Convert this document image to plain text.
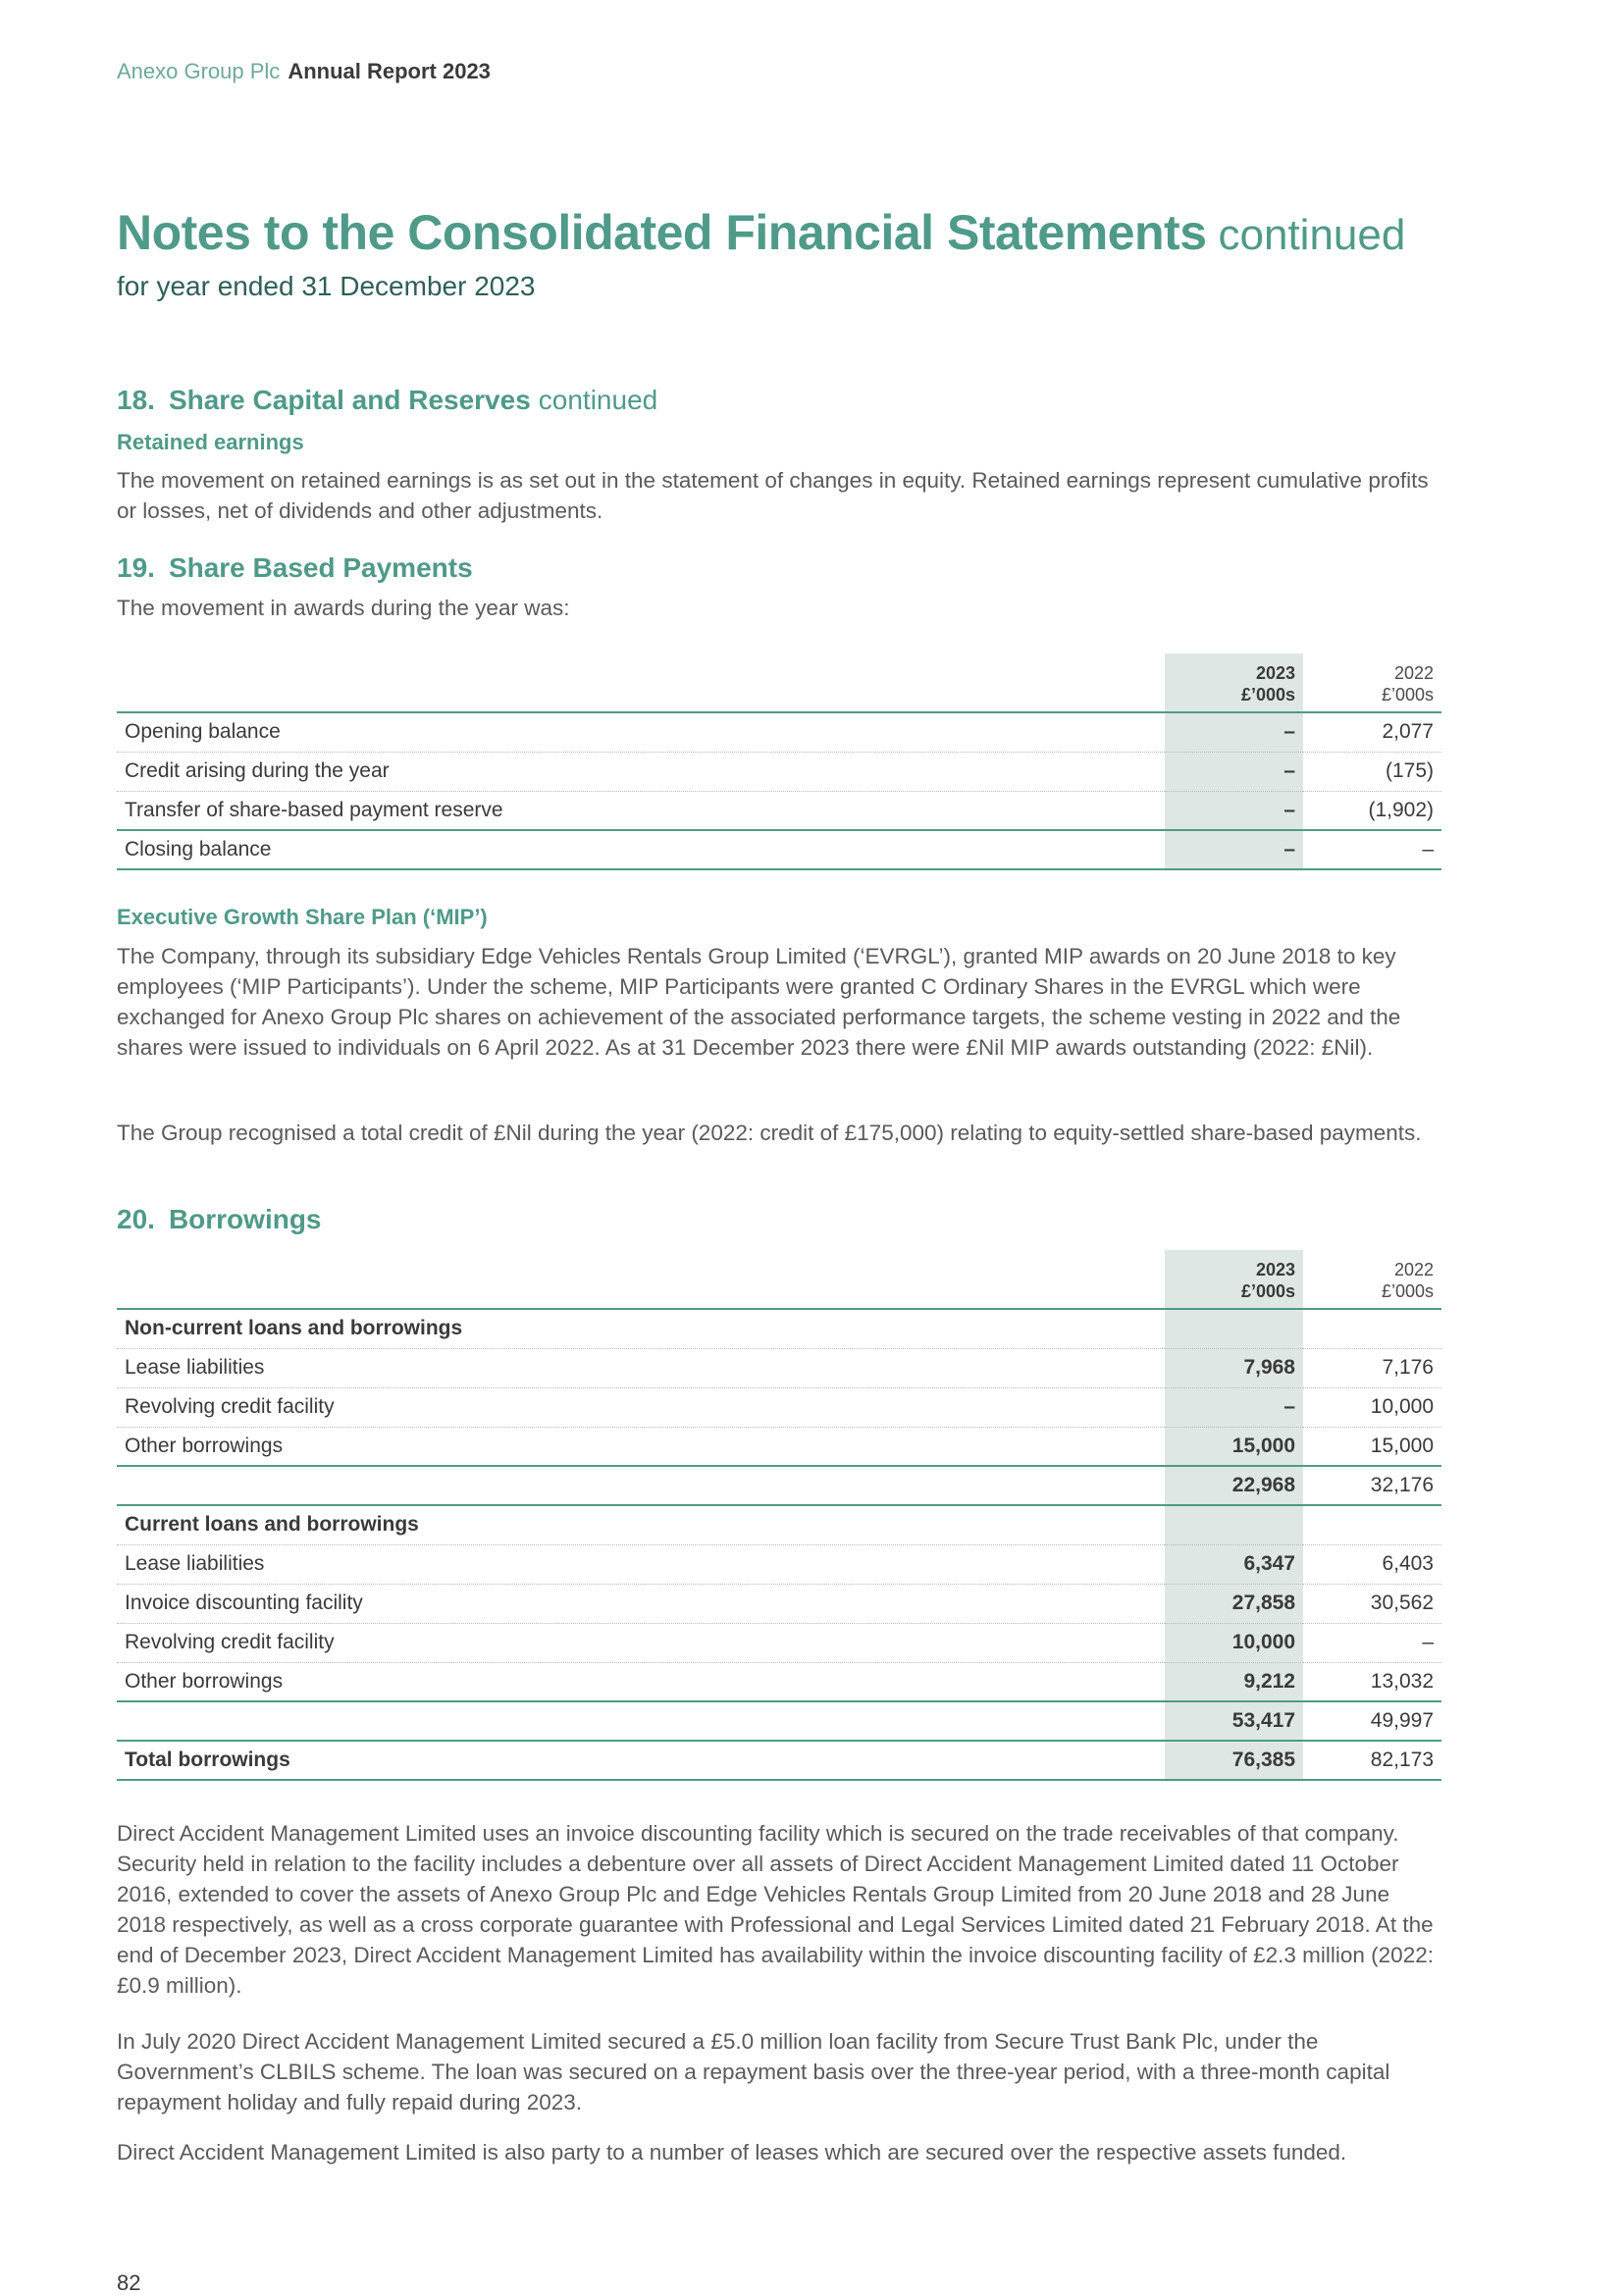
Anexo Group Plc Annual Report 2023
Notes to the Consolidated Financial Statements continued
for year ended 31 December 2023
18. Share Capital and Reserves continued
Retained earnings

The movement on retained earnings is as set out in the statement of changes in equity. Retained earnings represent cumulative profits or losses, net of dividends and other adjustments.

19. Share Based Payments

The movement in awards during the year was:

	2023
£’000s	2022
£’000s
Opening balance	–	2,077
Credit arising during the year	–	(175)
Transfer of share-based payment reserve	–	(1,902)
Closing balance	–	–
Executive Growth Share Plan (‘MIP’)

The Company, through its subsidiary Edge Vehicles Rentals Group Limited (‘EVRGL’), granted MIP awards on 20 June 2018 to key employees (‘MIP Participants’). Under the scheme, MIP Participants were granted C Ordinary Shares in the EVRGL which were exchanged for Anexo Group Plc shares on achievement of the associated performance targets, the scheme vesting in 2022 and the shares were issued to individuals on 6 April 2022. As at 31 December 2023 there were £Nil MIP awards outstanding (2022: £Nil).

The Group recognised a total credit of £Nil during the year (2022: credit of £175,000) relating to equity-settled share-based payments.

20. Borrowings
	2023
£’000s	2022
£’000s
Non-current loans and borrowings		
Lease liabilities	7,968	7,176
Revolving credit facility	–	10,000
Other borrowings	15,000	15,000
	22,968	32,176
Current loans and borrowings		
Lease liabilities	6,347	6,403
Invoice discounting facility	27,858	30,562
Revolving credit facility	10,000	–
Other borrowings	9,212	13,032
	53,417	49,997
Total borrowings	76,385	82,173

Direct Accident Management Limited uses an invoice discounting facility which is secured on the trade receivables of that company. Security held in relation to the facility includes a debenture over all assets of Direct Accident Management Limited dated 11 October 2016, extended to cover the assets of Anexo Group Plc and Edge Vehicles Rentals Group Limited from 20 June 2018 and 28 June 2018 respectively, as well as a cross corporate guarantee with Professional and Legal Services Limited dated 21 February 2018. At the end of December 2023, Direct Accident Management Limited has availability within the invoice discounting facility of £2.3 million (2022: £0.9 million).

In July 2020 Direct Accident Management Limited secured a £5.0 million loan facility from Secure Trust Bank Plc, under the Government’s CLBILS scheme. The loan was secured on a repayment basis over the three-year period, with a three-month capital repayment holiday and fully repaid during 2023.

Direct Accident Management Limited is also party to a number of leases which are secured over the respective assets funded.

82
